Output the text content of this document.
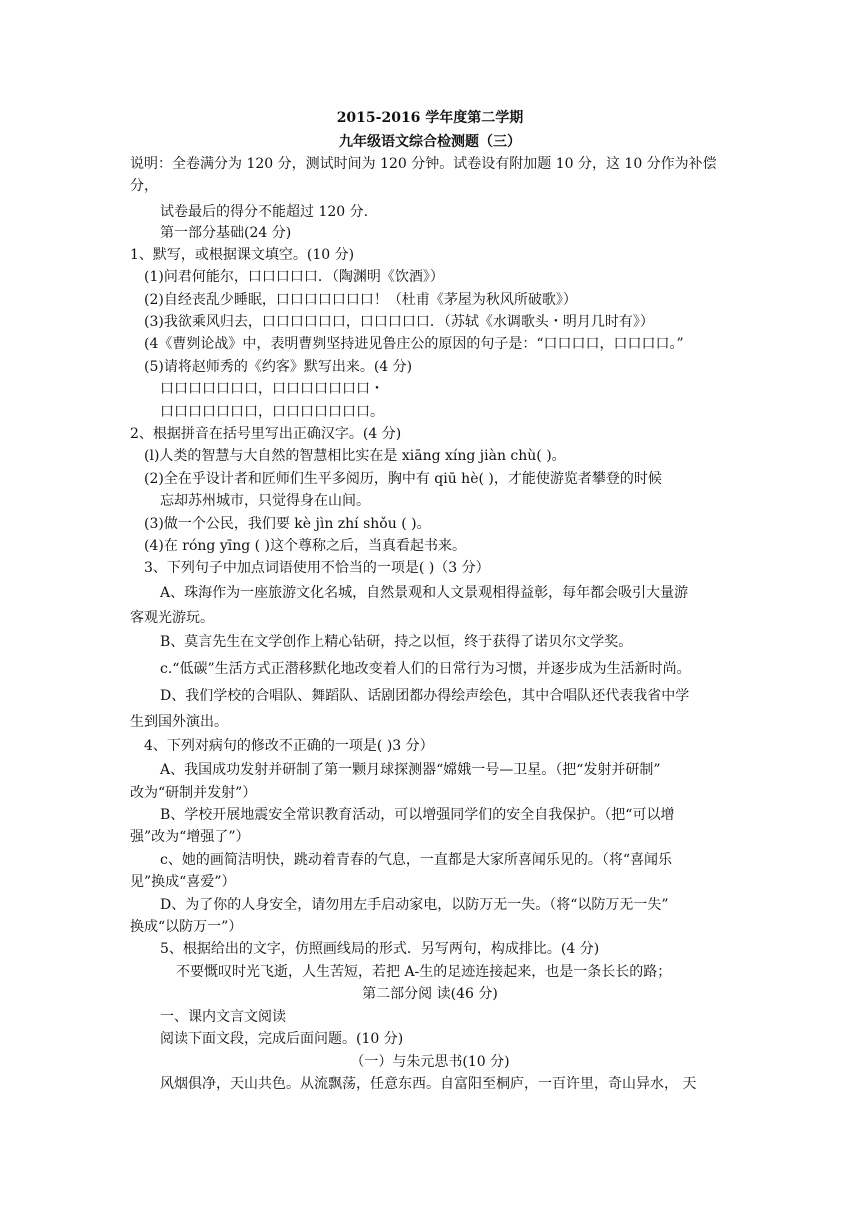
2015-2016 学年度第二学期
九年级语文综合检测题（三）
说明：全卷满分为 120 分，测试时间为 120 分钟。试卷设有附加题 10 分，这 10 分作为补偿
分，
试卷最后的得分不能超过 120 分.
第一部分基础(24 分)
1、默写，或根据课文填空。(10 分)
(1)问君何能尔，口口口口口．（陶渊明《饮酒》）
(2)自经丧乱少睡眠，口口口口口口口！（杜甫《茅屋为秋风所破歌》）
(3)我欲乘风归去，口口口口口口，口口口口口．（苏轼《水调歌头・明月几时有》）
(4《曹刿论战》中，表明曹刿坚持进见鲁庄公的原因的句子是：“口口口口，口口口口。”
(5)请将赵师秀的《约客》默写出来。(4 分)
口口口口口口口，口口口口口口口・
口口口口口口口，口口口口口口口。
2、根据拼音在括号里写出正确汉字。(4 分)
(l)人类的智慧与大自然的智慧相比实在是 xiāng xíng jiàn chù( )。
(2)全在乎设计者和匠师们生平多阅历，胸中有 qiū hè( )，才能使游览者攀登的时候
忘却苏州城市，只觉得身在山间。
(3)做一个公民，我们要 kè jìn zhí shǒu ( )。
(4)在 róng yīng ( )这个尊称之后，当真看起书来。
3、下列句子中加点词语使用不恰当的一项是( )（3 分）
A、珠海作为一座旅游文化名城，自然景观和人文景观相得益彰，每年都会吸引大量游
客观光游玩。
B、莫言先生在文学创作上精心钻研，持之以恒，终于获得了诺贝尔文学奖。
c.“低碳”生活方式正潜移默化地改变着人们的日常行为习惯，并逐步成为生活新时尚。
D、我们学校的合唱队、舞蹈队、话剧团都办得绘声绘色，其中合唱队还代表我省中学
生到国外演出。
4、下列对病句的修改不正确的一项是( )3 分）
A、我国成功发射并研制了第一颗月球探测器“嫦娥一号—卫星。（把“发射并研制”
改为“研制并发射”）
B、学校开展地震安全常识教育活动，可以增强同学们的安全自我保护。（把“可以增
强”改为“增强了”）
c、她的画简洁明快，跳动着青春的气息，一直都是大家所喜闻乐见的。（将“喜闻乐
见”换成“喜爱”）
D、为了你的人身安全，请勿用左手启动家电，以防万无一失。（将“以防万无一失”
换成“以防万一”）
5、根据给出的文字，仿照画线局的形式．另写两句，构成排比。(4 分)
不要慨叹时光飞逝，人生苦短，若把 A-生的足迹连接起来，也是一条长长的路；
第二部分阅 读(46 分)
一、课内文言文阅读
阅读下面文段，完成后面问题。(10 分)
（一）与朱元思书(10 分)
风烟俱净，天山共色。从流飘荡，任意东西。自富阳至桐庐，一百许里，奇山异水， 天
